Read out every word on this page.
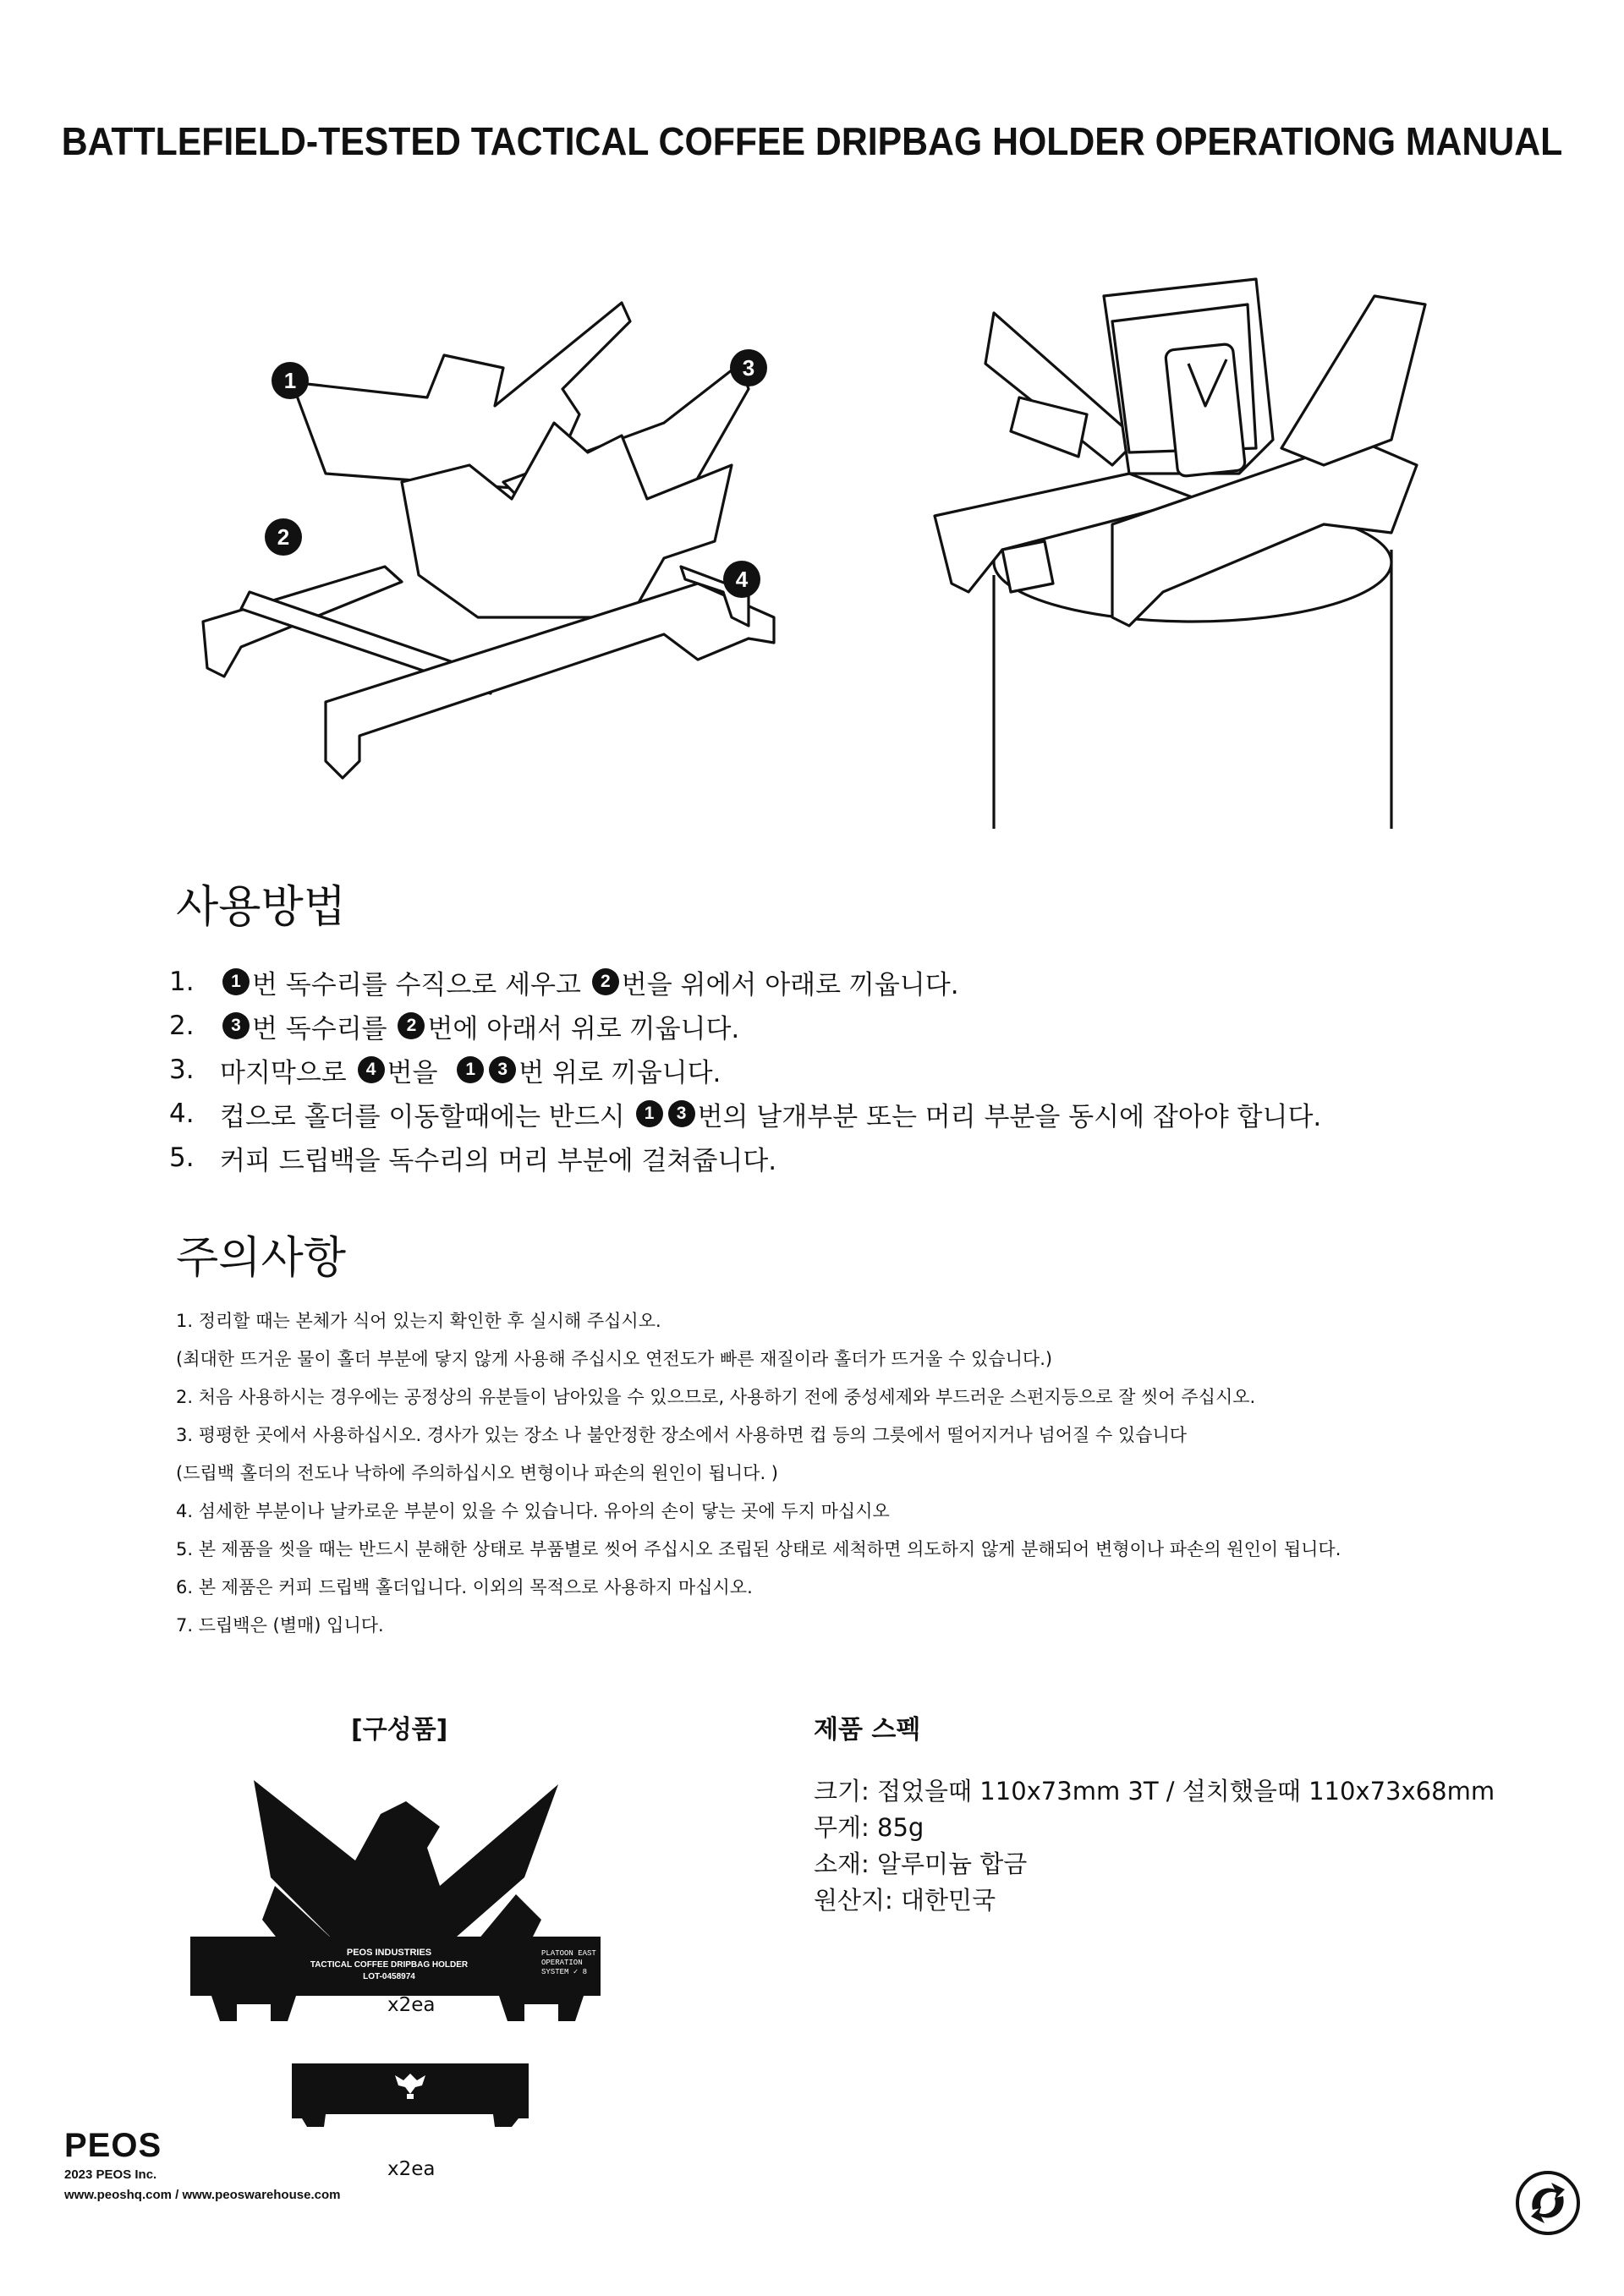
BATTLEFIELD-TESTED TACTICAL COFFEE DRIPBAG HOLDER OPERATIONG MANUAL
1
2
3
4
사용방법
1.	1 번 독수리를 수직으로 세우고 2 번을 위에서 아래로 끼웁니다.
2.	3 번 독수리를 2 번에 아래서 위로 끼웁니다.
3. 마지막으로 4 번을 1	3 번 위로 끼웁니다.
4. 컵으로 홀더를 이동할때에는 반드시 1	3 번의 날개부분 또는 머리 부분을 동시에 잡아야 합니다.
5. 커피 드립백을 독수리의 머리 부분에 걸쳐줍니다.
주의사항
1. 정리할 때는 본체가 식어 있는지 확인한 후 실시해 주십시오.
(최대한 뜨거운 물이 홀더 부분에 닿지 않게 사용해 주십시오 연전도가 빠른 재질이라 홀더가 뜨거울 수 있습니다.)
2. 처음 사용하시는 경우에는 공정상의 유분들이 남아있을 수 있으므로, 사용하기 전에 중성세제와 부드러운 스펀지등으로 잘 씻어 주십시오.
3. 평평한 곳에서 사용하십시오. 경사가 있는 장소 나 불안정한 장소에서 사용하면 컵 등의 그릇에서 떨어지거나 넘어질 수 있습니다
(드립백 홀더의 전도나 낙하에 주의하십시오 변형이나 파손의 원인이 됩니다. )
4. 섬세한 부분이나 날카로운 부분이 있을 수 있습니다. 유아의 손이 닿는 곳에 두지 마십시오
5. 본 제품을 씻을 때는 반드시 분해한 상태로 부품별로 씻어 주십시오 조립된 상태로 세척하면 의도하지 않게 분해되어 변형이나 파손의 원인이 됩니다.
6. 본 제품은 커피 드립백 홀더입니다. 이외의 목적으로 사용하지 마십시오.
7. 드립백은 (별매) 입니다.
[구성품]
PEOS INDUSTRIES
TACTICAL COFFEE DRIPBAG HOLDER
LOT-0458974
PLATOON EAST
OPERATION
SYSTEM ✓ 8
x2ea
x2ea
제품 스펙
크기: 접었을때 110x73mm 3T / 설치했을때 110x73x68mm
무게: 85g
소재: 알루미늄 합금
원산지: 대한민국
PEOS
2023 PEOS Inc.
www.peoshq.com / www.peoswarehouse.com
